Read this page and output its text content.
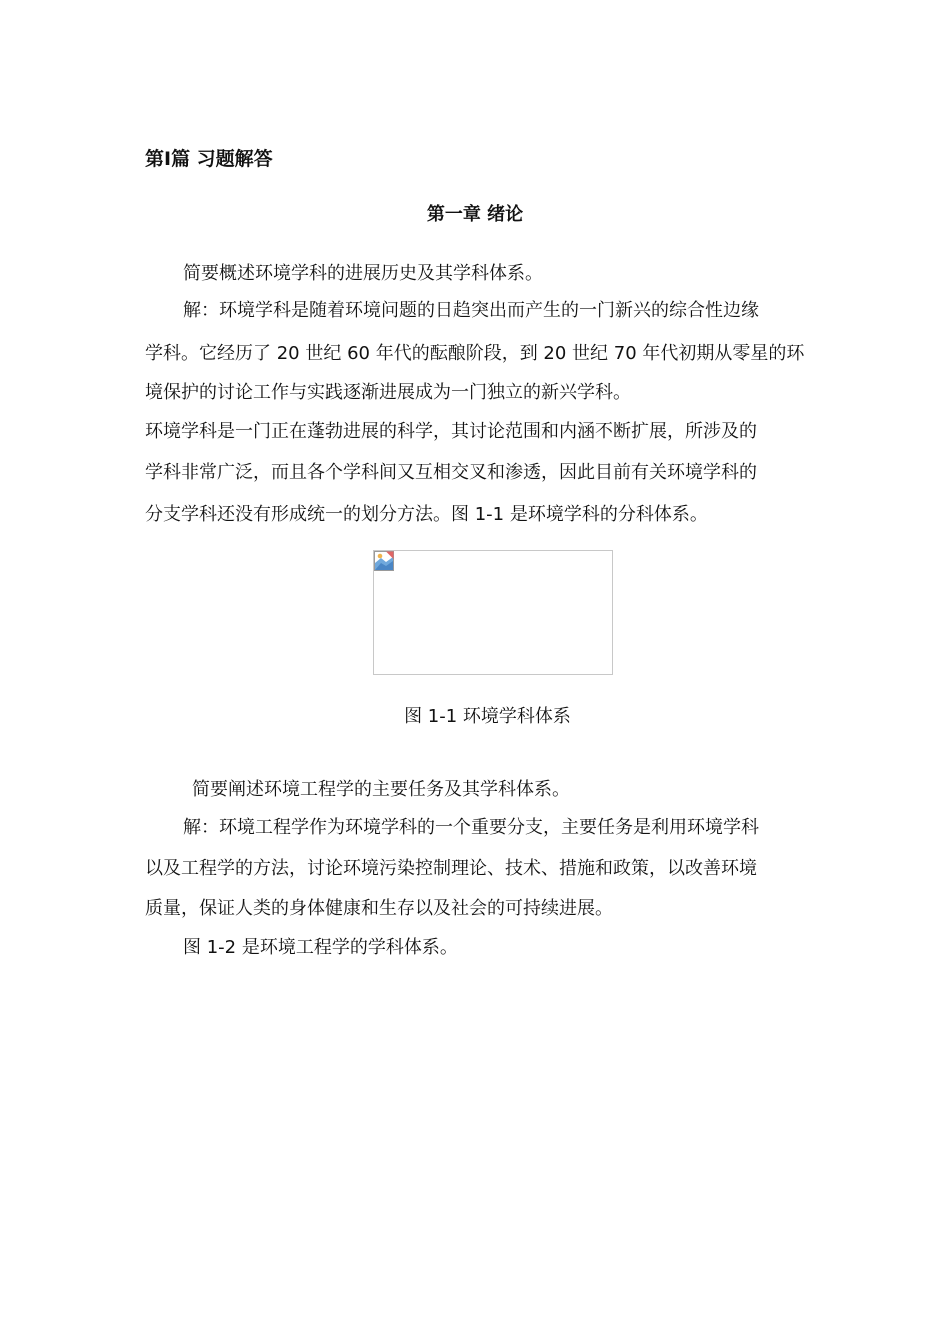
第Ⅰ篇 习题解答
第一章 绪论
简要概述环境学科的进展历史及其学科体系。
解：环境学科是随着环境问题的日趋突出而产生的一门新兴的综合性边缘
学科。它经历了 20 世纪 60 年代的酝酿阶段，到 20 世纪 70 年代初期从零星的环
境保护的讨论工作与实践逐渐进展成为一门独立的新兴学科。
环境学科是一门正在蓬勃进展的科学，其讨论范围和内涵不断扩展，所涉及的
学科非常广泛，而且各个学科间又互相交叉和渗透，因此目前有关环境学科的
分支学科还没有形成统一的划分方法。图 1-1 是环境学科的分科体系。
图 1-1 环境学科体系
简要阐述环境工程学的主要任务及其学科体系。
解：环境工程学作为环境学科的一个重要分支，主要任务是利用环境学科
以及工程学的方法，讨论环境污染控制理论、技术、措施和政策，以改善环境
质量，保证人类的身体健康和生存以及社会的可持续进展。
图 1-2 是环境工程学的学科体系。
